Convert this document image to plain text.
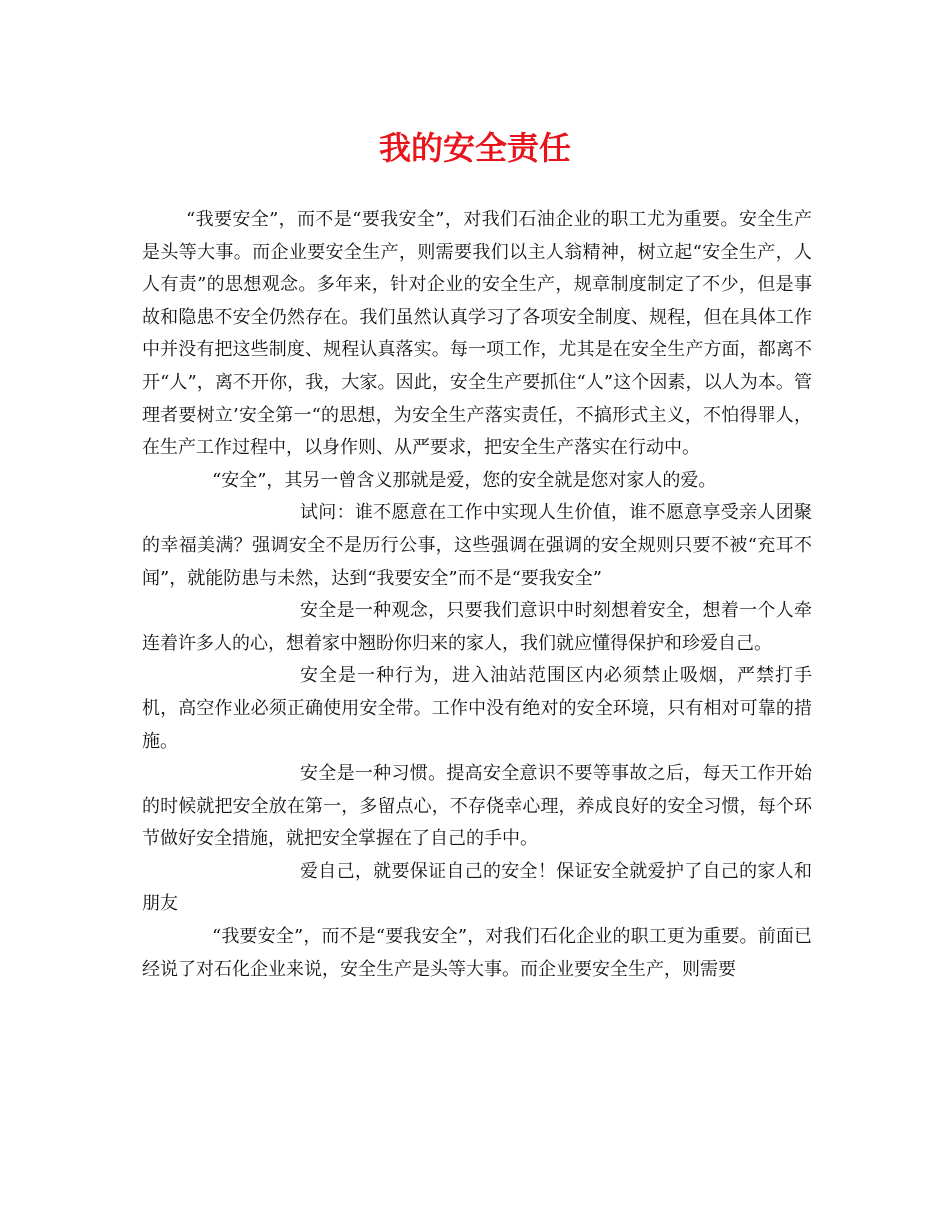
我的安全责任

“我要安全”，而不是“要我安全”，对我们石油企业的职工尤为重要。安全生产是头等大事。而企业要安全生产，则需要我们以主人翁精神，树立起“安全生产，人人有责”的思想观念。多年来，针对企业的安全生产，规章制度制定了不少，但是事故和隐患不安全仍然存在。我们虽然认真学习了各项安全制度、规程，但在具体工作中并没有把这些制度、规程认真落实。每一项工作，尤其是在安全生产方面，都离不开“人”，离不开你，我，大家。因此，安全生产要抓住“人”这个因素，以人为本。管理者要树立’安全第一“的思想，为安全生产落实责任，不搞形式主义，不怕得罪人，在生产工作过程中，以身作则、从严要求，把安全生产落实在行动中。

“安全”，其另一曾含义那就是爱，您的安全就是您对家人的爱。

试问：谁不愿意在工作中实现人生价值，谁不愿意享受亲人团聚的幸福美满？强调安全不是历行公事，这些强调在强调的安全规则只要不被“充耳不闻”，就能防患与未然，达到“我要安全”而不是“要我安全”

安全是一种观念，只要我们意识中时刻想着安全，想着一个人牵连着许多人的心，想着家中翘盼你归来的家人，我们就应懂得保护和珍爱自己。

安全是一种行为，进入油站范围区内必须禁止吸烟，严禁打手机，高空作业必须正确使用安全带。工作中没有绝对的安全环境，只有相对可靠的措施。

安全是一种习惯。提高安全意识不要等事故之后，每天工作开始的时候就把安全放在第一，多留点心，不存侥幸心理，养成良好的安全习惯，每个环节做好安全措施，就把安全掌握在了自己的手中。

爱自己，就要保证自己的安全！保证安全就爱护了自己的家人和朋友

“我要安全”，而不是“要我安全”，对我们石化企业的职工更为重要。前面已经说了对石化企业来说，安全生产是头等大事。而企业要安全生产，则需要
